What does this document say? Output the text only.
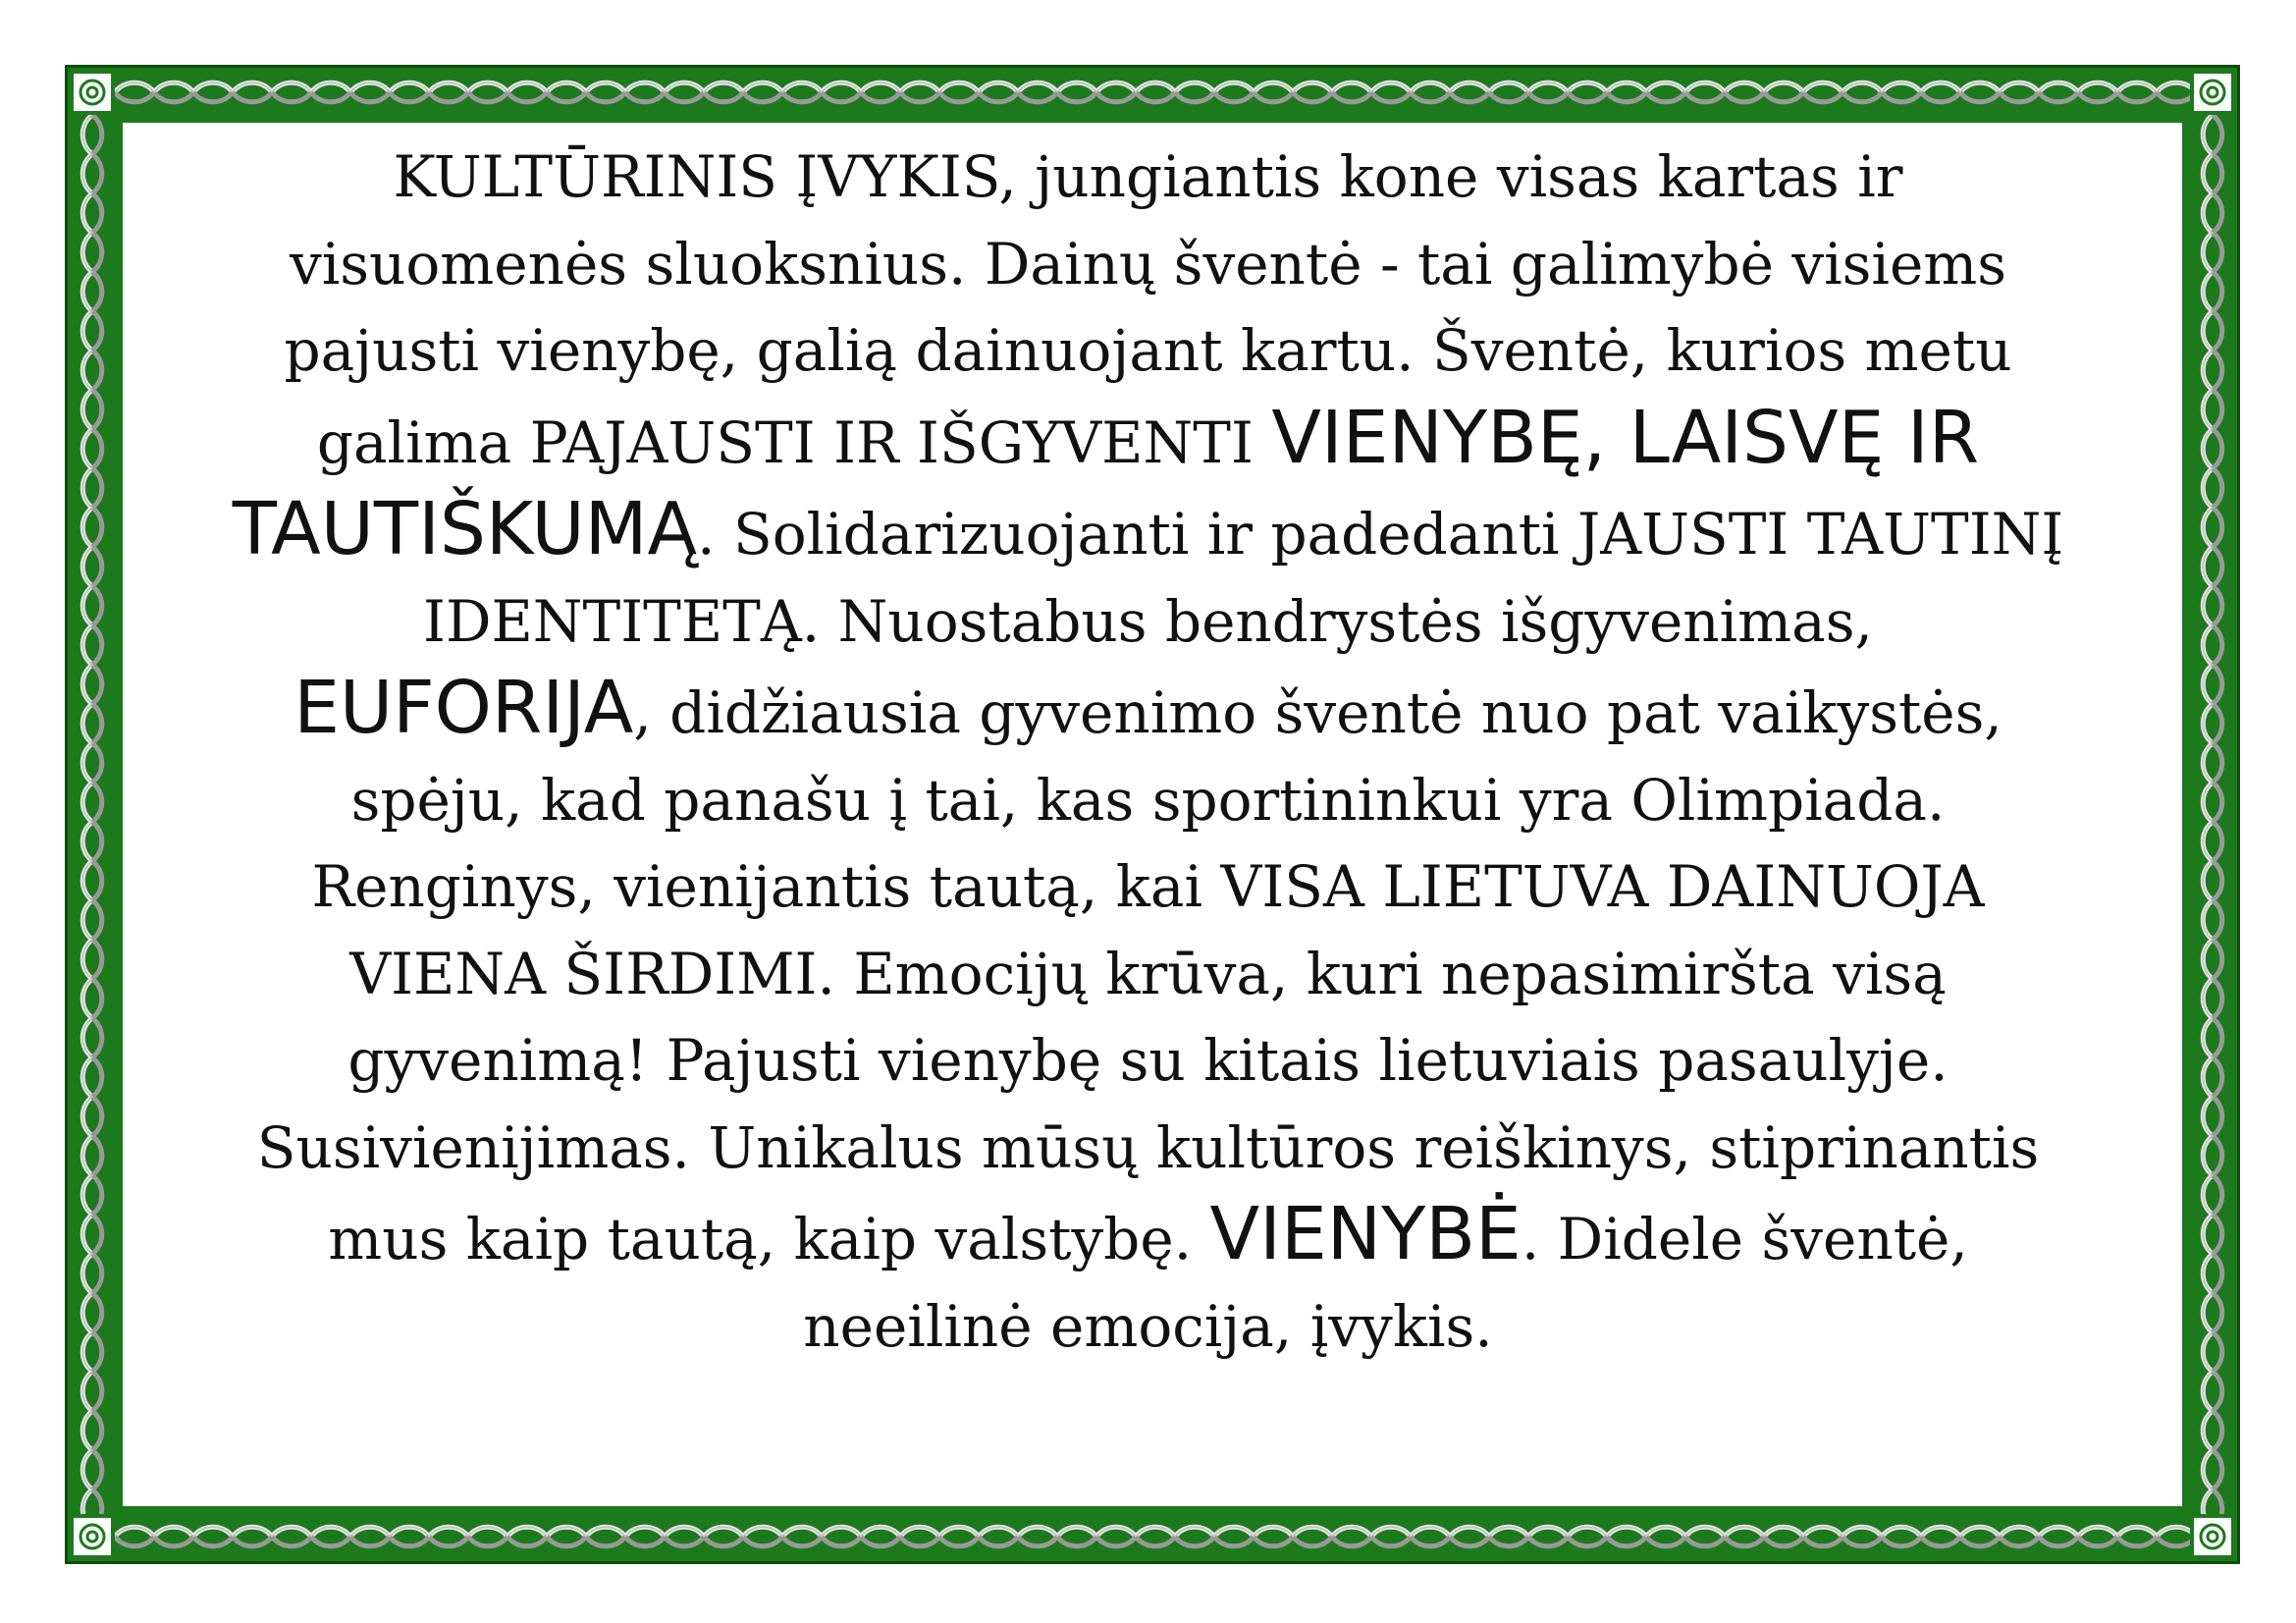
KULTŪRINIS ĮVYKIS, jungiantis kone visas kartas ir
visuomenės sluoksnius. Dainų šventė - tai galimybė visiems
pajusti vienybę, galią dainuojant kartu. Šventė, kurios metu
galima PAJAUSTI IR IŠGYVENTI VIENYBĘ, LAISVĘ IR
TAUTIŠKUMĄ. Solidarizuojanti ir padedanti JAUSTI TAUTINĮ
IDENTITETĄ. Nuostabus bendrystės išgyvenimas,
EUFORIJA, didžiausia gyvenimo šventė nuo pat vaikystės,
spėju, kad panašu į tai, kas sportininkui yra Olimpiada.
Renginys, vienijantis tautą, kai VISA LIETUVA DAINUOJA
VIENA ŠIRDIMI. Emocijų krūva, kuri nepasimiršta visą
gyvenimą! Pajusti vienybę su kitais lietuviais pasaulyje.
Susivienijimas. Unikalus mūsų kultūros reiškinys, stiprinantis
mus kaip tautą, kaip valstybę. VIENYBĖ. Didele šventė,
neeilinė emocija, įvykis.
